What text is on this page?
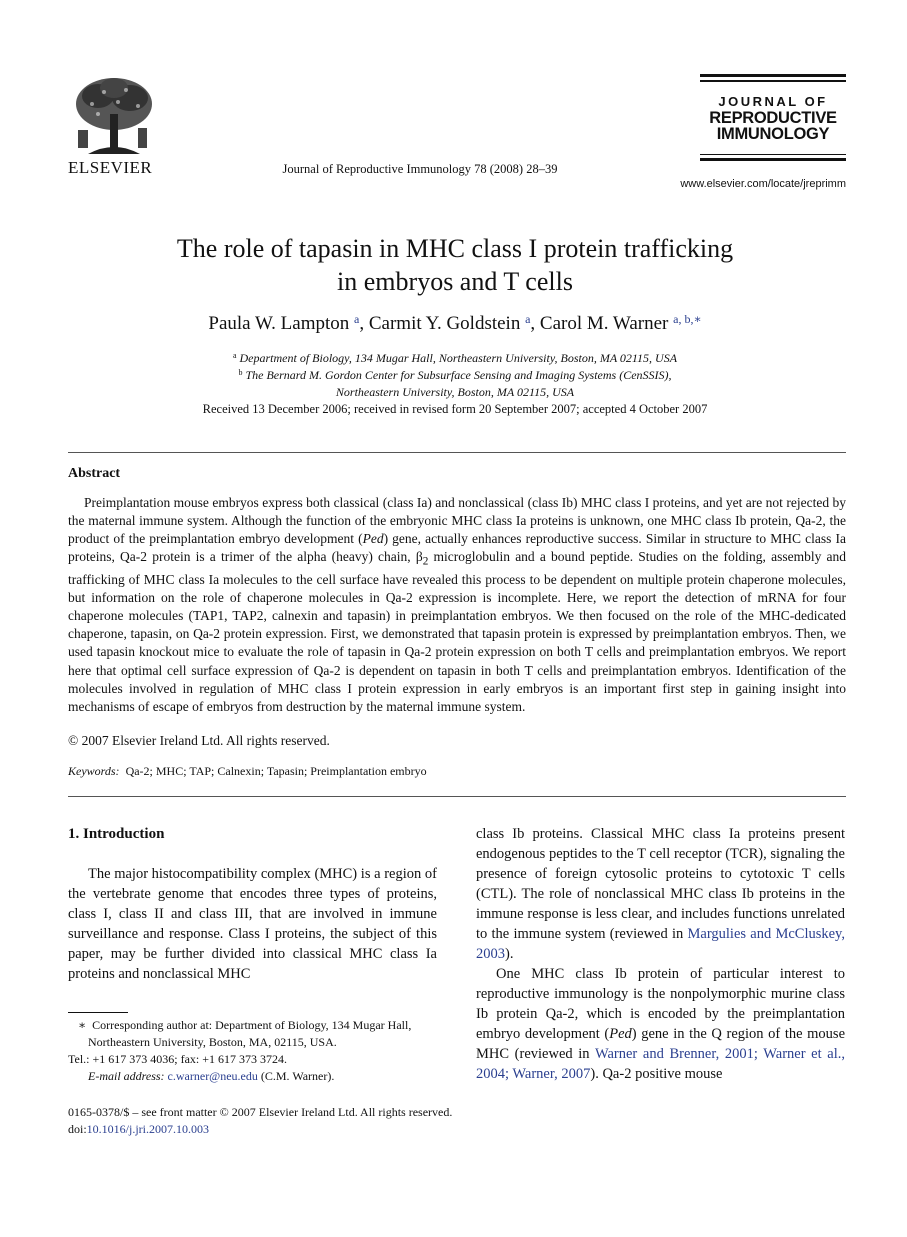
ELSEVIER	Journal of Reproductive Immunology 78 (2008) 28–39
JOURNAL OF
REPRODUCTIVE
IMMUNOLOGY
www.elsevier.com/locate/jreprimm
The role of tapasin in MHC class I protein trafficking
in embryos and T cells
Paula W. Lampton $^a$, Carmit Y. Goldstein $^a$, Carol M. Warner $^{a, b,∗}$
$^a$ Department of Biology, 134 Mugar Hall, Northeastern University, Boston, MA 02115, USA
$^b$ The Bernard M. Gordon Center for Subsurface Sensing and Imaging Systems (CenSSIS),
Northeastern University, Boston, MA 02115, USA
Received 13 December 2006; received in revised form 20 September 2007; accepted 4 October 2007
Abstract

Preimplantation mouse embryos express both classical (class Ia) and nonclassical (class Ib) MHC class I proteins, and yet are not rejected by the maternal immune system. Although the function of the embryonic MHC class Ia proteins is unknown, one MHC class Ib protein, Qa-2, the product of the preimplantation embryo development (Ped) gene, actually enhances reproductive success. Similar in structure to MHC class Ia proteins, Qa-2 protein is a trimer of the alpha (heavy) chain, $\beta_2$ microglobulin and a bound peptide. Studies on the folding, assembly and trafficking of MHC class Ia molecules to the cell surface have revealed this process to be dependent on multiple protein chaperone molecules, but information on the role of chaperone molecules in Qa-2 expression is incomplete. Here, we report the detection of mRNA for four chaperone molecules (TAP1, TAP2, calnexin and tapasin) in preimplantation embryos. We then focused on the role of the MHC-dedicated chaperone, tapasin, on Qa-2 protein expression. First, we demonstrated that tapasin protein is expressed by preimplantation embryos. Then, we used tapasin knockout mice to evaluate the role of tapasin in Qa-2 protein expression on both T cells and preimplantation embryos. We report here that optimal cell surface expression of Qa-2 is dependent on tapasin in both T cells and preimplantation embryos. Identification of the molecules involved in regulation of MHC class I protein expression in early embryos is an important first step in gaining insight into mechanisms of escape of embryos from destruction by the maternal immune system.

© 2007 Elsevier Ireland Ltd. All rights reserved.
Keywords: Qa-2; MHC; TAP; Calnexin; Tapasin; Preimplantation embryo
1. Introduction

The major histocompatibility complex (MHC) is a region of the vertebrate genome that encodes three types of proteins, class I, class II and class III, that are involved in immune surveillance and response. Class I proteins, the subject of this paper, may be further divided into classical MHC class Ia proteins and nonclassical MHC

class Ib proteins. Classical MHC class Ia proteins present endogenous peptides to the T cell receptor (TCR), signaling the presence of foreign cytosolic proteins to cytotoxic T cells (CTL). The role of nonclassical MHC class Ib proteins in the immune response is less clear, and includes functions unrelated to the immune system (reviewed in Margulies and McCluskey, 2003).

One MHC class Ib protein of particular interest to reproductive immunology is the nonpolymorphic murine class Ib protein Qa-2, which is encoded by the preimplantation embryo development (Ped) gene in the Q region of the mouse MHC (reviewed in Warner and Brenner, 2001; Warner et al., 2004; Warner, 2007). Qa-2 positive mouse

∗ Corresponding author at: Department of Biology, 134 Mugar Hall, Northeastern University, Boston, MA, 02115, USA.
Tel.: +1 617 373 4036; fax: +1 617 373 3724.
E-mail address: c.warner@neu.edu (C.M. Warner).
0165-0378/$ – see front matter © 2007 Elsevier Ireland Ltd. All rights reserved.
doi:10.1016/j.jri.2007.10.003
